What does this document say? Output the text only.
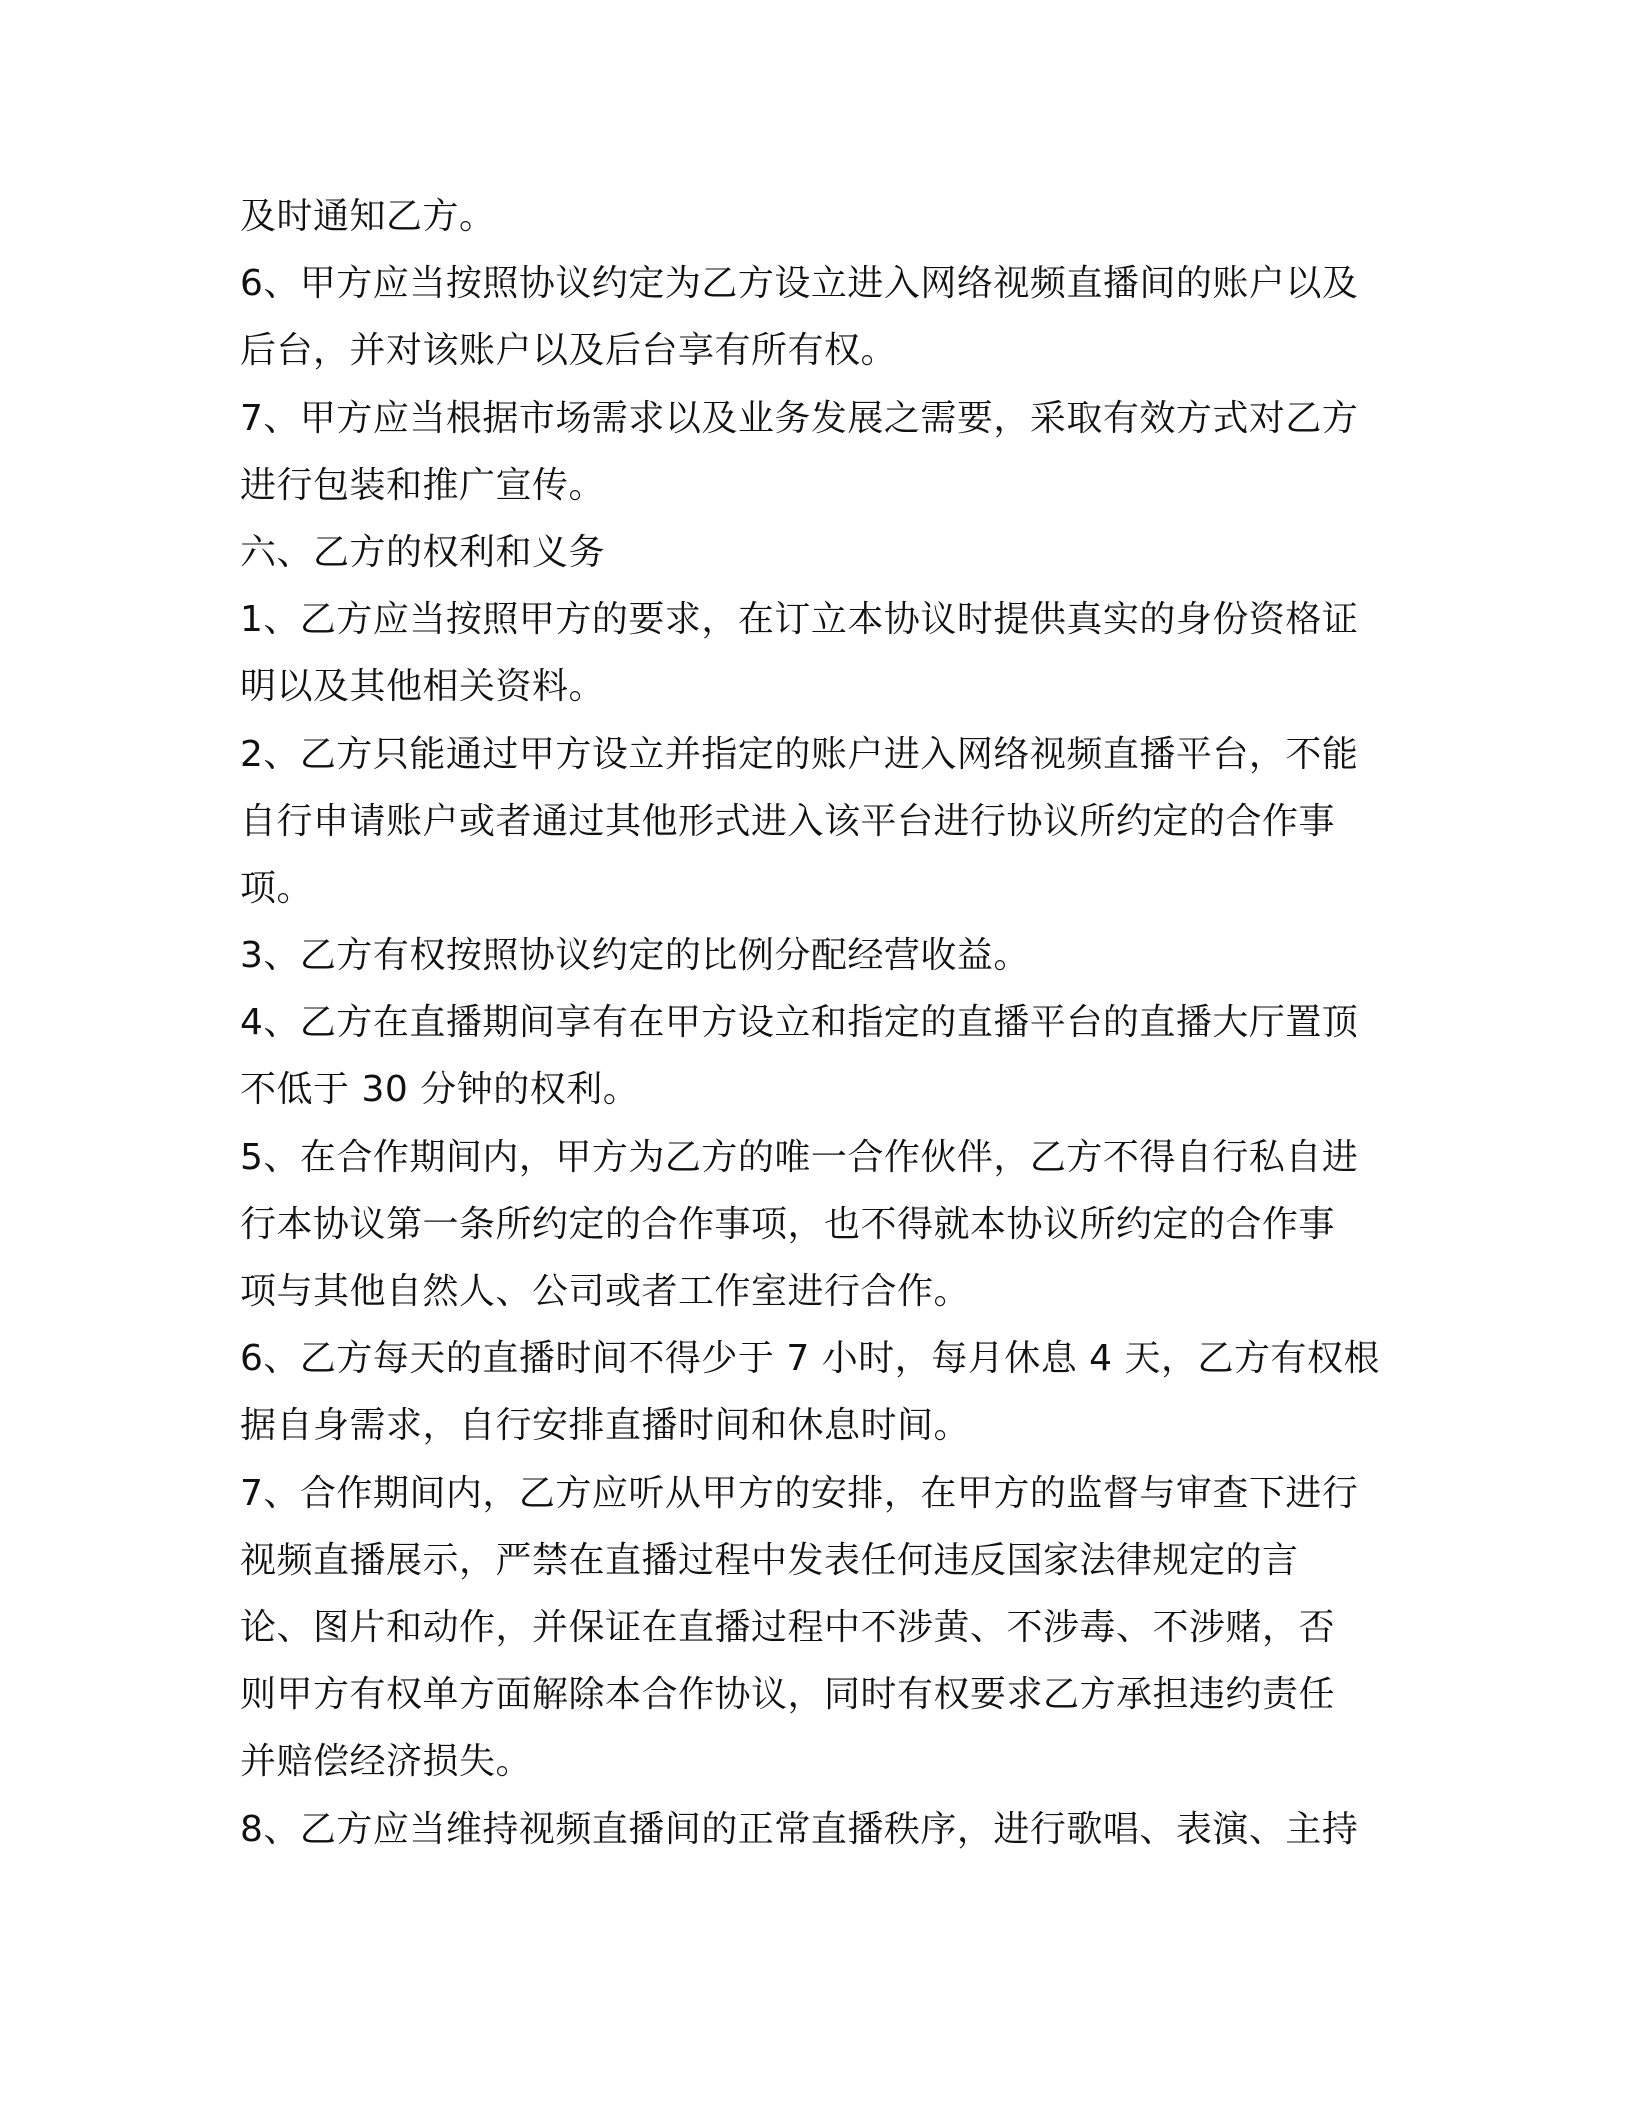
及时通知乙方。
6、甲方应当按照协议约定为乙方设立进入网络视频直播间的账户以及
后台，并对该账户以及后台享有所有权。
7、甲方应当根据市场需求以及业务发展之需要，采取有效方式对乙方
进行包装和推广宣传。
六、乙方的权利和义务
1、乙方应当按照甲方的要求，在订立本协议时提供真实的身份资格证
明以及其他相关资料。
2、乙方只能通过甲方设立并指定的账户进入网络视频直播平台，不能
自行申请账户或者通过其他形式进入该平台进行协议所约定的合作事
项。
3、乙方有权按照协议约定的比例分配经营收益。
4、乙方在直播期间享有在甲方设立和指定的直播平台的直播大厅置顶
不低于 30 分钟的权利。
5、在合作期间内，甲方为乙方的唯一合作伙伴，乙方不得自行私自进
行本协议第一条所约定的合作事项，也不得就本协议所约定的合作事
项与其他自然人、公司或者工作室进行合作。
6、乙方每天的直播时间不得少于 7 小时，每月休息 4 天，乙方有权根
据自身需求，自行安排直播时间和休息时间。
7、合作期间内，乙方应听从甲方的安排，在甲方的监督与审查下进行
视频直播展示，严禁在直播过程中发表任何违反国家法律规定的言
论、图片和动作，并保证在直播过程中不涉黄、不涉毒、不涉赌，否
则甲方有权单方面解除本合作协议，同时有权要求乙方承担违约责任
并赔偿经济损失。
8、乙方应当维持视频直播间的正常直播秩序，进行歌唱、表演、主持
